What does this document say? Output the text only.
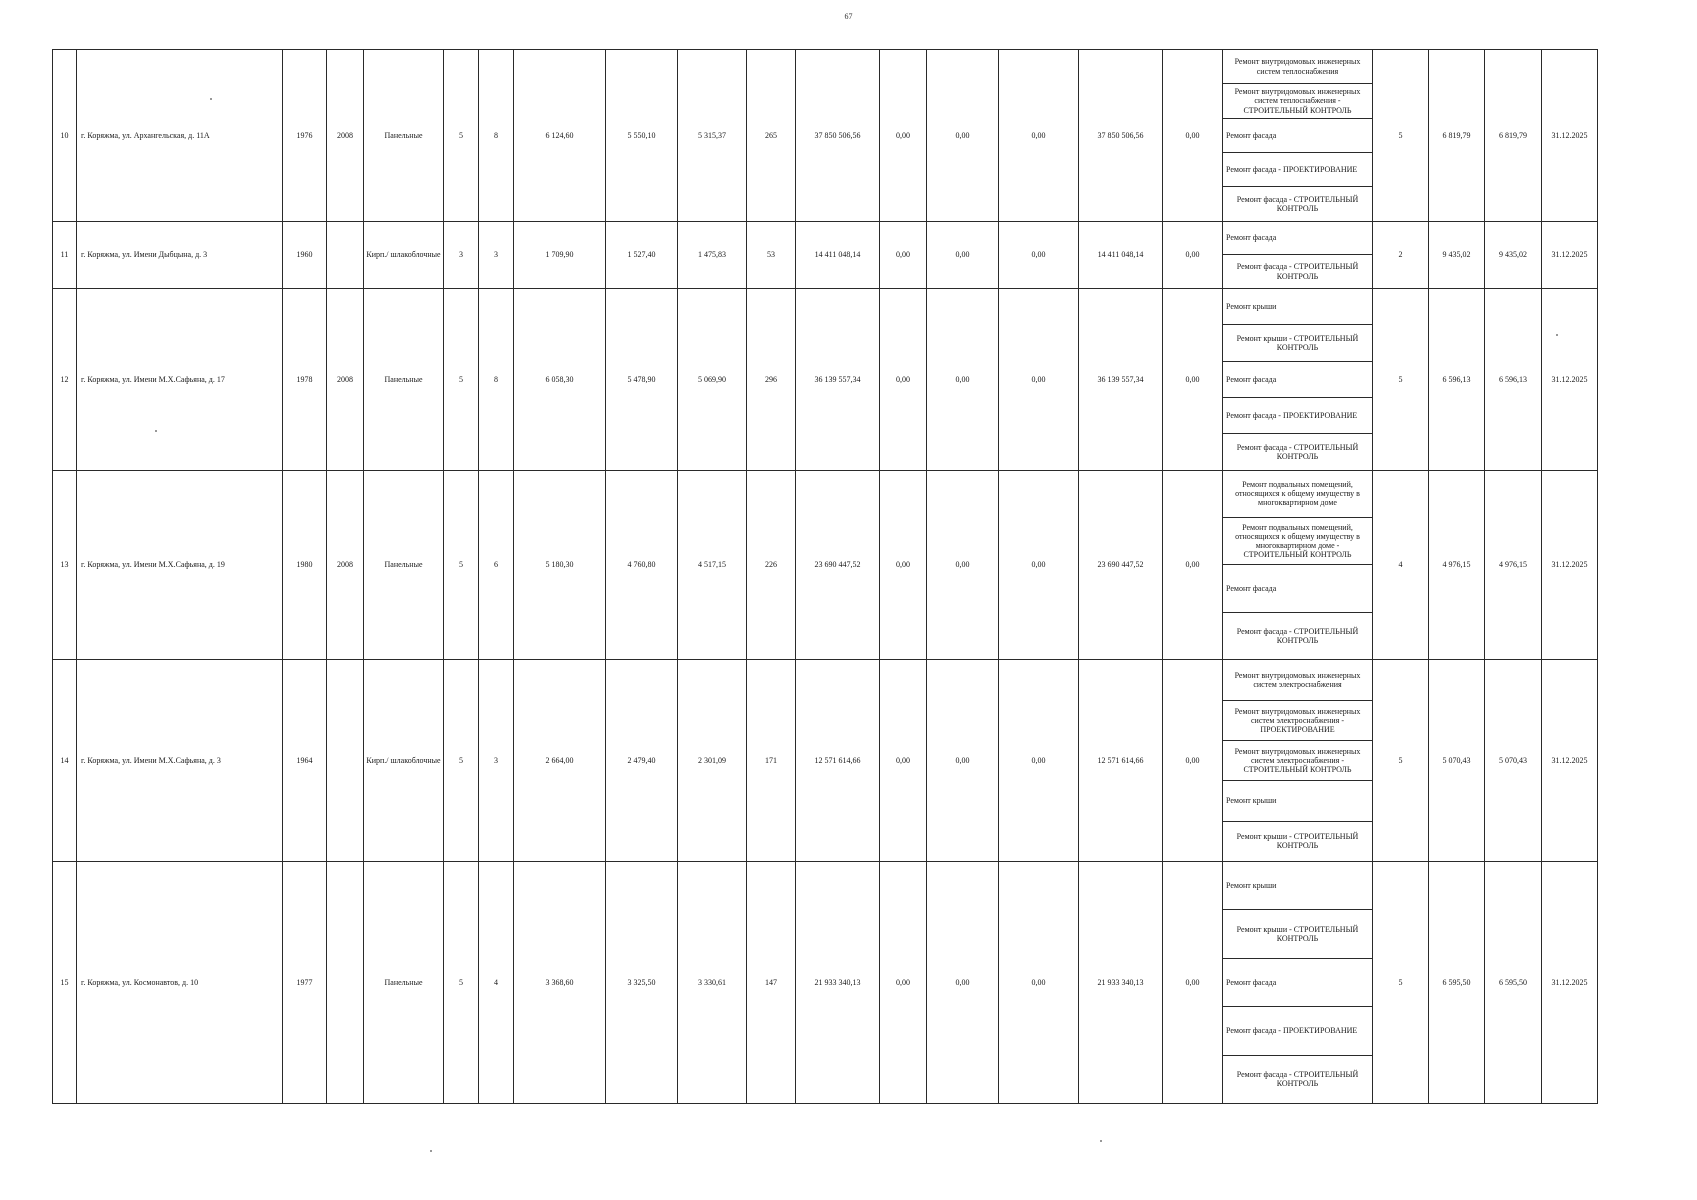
67
10	г. Коряжма, ул. Архангельская, д. 11А	1976	2008	Панельные	5	8	6 124,60	5 550,10	5 315,37	265	37 850 506,56	0,00	0,00	0,00	37 850 506,56	0,00	Ремонт внутридомовых инженерных систем теплоснабжения
Ремонт внутридомовых инженерных систем теплоснабжения - СТРОИТЕЛЬНЫЙ КОНТРОЛЬ
Ремонт фасада
Ремонт фасада - ПРОЕКТИРОВАНИЕ
Ремонт фасада - СТРОИТЕЛЬНЫЙ КОНТРОЛЬ	5	6 819,79	6 819,79	31.12.2025
11	г. Коряжма, ул. Имени Дыбцына, д. 3	1960		Кирп./ шлакоблочные	3	3	1 709,90	1 527,40	1 475,83	53	14 411 048,14	0,00	0,00	0,00	14 411 048,14	0,00	Ремонт фасада
Ремонт фасада - СТРОИТЕЛЬНЫЙ КОНТРОЛЬ	2	9 435,02	9 435,02	31.12.2025
12	г. Коряжма, ул. Имени М.Х.Сафьяна, д. 17	1978	2008	Панельные	5	8	6 058,30	5 478,90	5 069,90	296	36 139 557,34	0,00	0,00	0,00	36 139 557,34	0,00	Ремонт крыши
Ремонт крыши - СТРОИТЕЛЬНЫЙ КОНТРОЛЬ
Ремонт фасада
Ремонт фасада - ПРОЕКТИРОВАНИЕ
Ремонт фасада - СТРОИТЕЛЬНЫЙ КОНТРОЛЬ	5	6 596,13	6 596,13	31.12.2025
13	г. Коряжма, ул. Имени М.Х.Сафьяна, д. 19	1980	2008	Панельные	5	6	5 180,30	4 760,80	4 517,15	226	23 690 447,52	0,00	0,00	0,00	23 690 447,52	0,00	Ремонт подвальных помещений, относящихся к общему имуществу в многоквартирном доме
Ремонт подвальных помещений, относящихся к общему имуществу в многоквартирном доме - СТРОИТЕЛЬНЫЙ КОНТРОЛЬ
Ремонт фасада
Ремонт фасада - СТРОИТЕЛЬНЫЙ КОНТРОЛЬ	4	4 976,15	4 976,15	31.12.2025
14	г. Коряжма, ул. Имени М.Х.Сафьяна, д. 3	1964		Кирп./ шлакоблочные	5	3	2 664,00	2 479,40	2 301,09	171	12 571 614,66	0,00	0,00	0,00	12 571 614,66	0,00	Ремонт внутридомовых инженерных систем электроснабжения
Ремонт внутридомовых инженерных систем электроснабжения - ПРОЕКТИРОВАНИЕ
Ремонт внутридомовых инженерных систем электроснабжения - СТРОИТЕЛЬНЫЙ КОНТРОЛЬ
Ремонт крыши
Ремонт крыши - СТРОИТЕЛЬНЫЙ КОНТРОЛЬ	5	5 070,43	5 070,43	31.12.2025
15	г. Коряжма, ул. Космонавтов, д. 10	1977		Панельные	5	4	3 368,60	3 325,50	3 330,61	147	21 933 340,13	0,00	0,00	0,00	21 933 340,13	0,00	Ремонт крыши
Ремонт крыши - СТРОИТЕЛЬНЫЙ КОНТРОЛЬ
Ремонт фасада
Ремонт фасада - ПРОЕКТИРОВАНИЕ
Ремонт фасада - СТРОИТЕЛЬНЫЙ КОНТРОЛЬ	5	6 595,50	6 595,50	31.12.2025
